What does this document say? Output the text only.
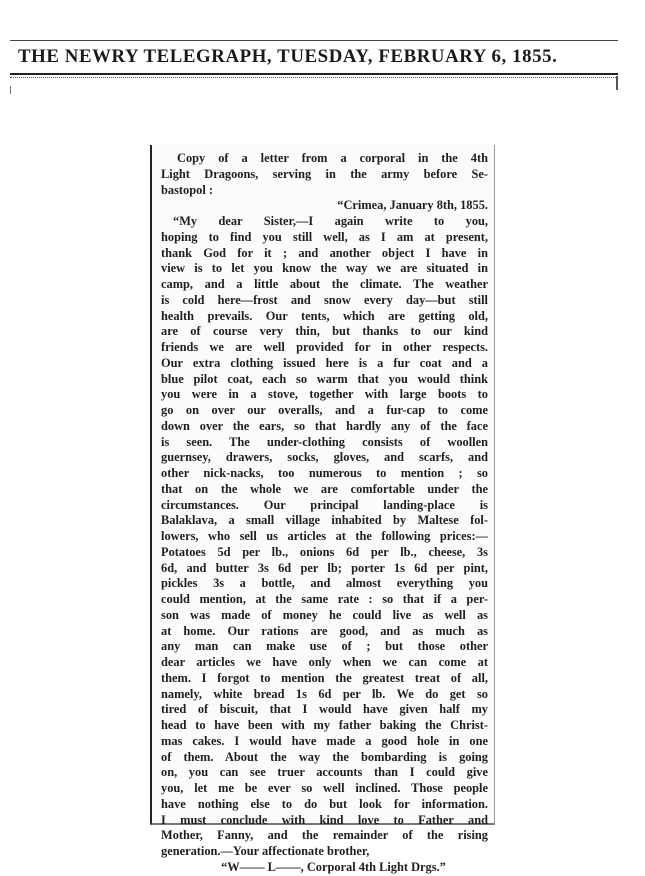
THE NEWRY TELEGRAPH, TUESDAY, FEBRUARY 6, 1855.
Copy of a letter from a corporal in the 4th
Light Dragoons, serving in the army before Se-
bastopol :
“Crimea, January 8th, 1855.
“My dear Sister,—I again write to you,
hoping to find you still well, as I am at present,
thank God for it ; and another object I have in
view is to let you know the way we are situated in
camp, and a little about the climate. The weather
is cold here—frost and snow every day—but still
health prevails. Our tents, which are getting old,
are of course very thin, but thanks to our kind
friends we are well provided for in other respects.
Our extra clothing issued here is a fur coat and a
blue pilot coat, each so warm that you would think
you were in a stove, together with large boots to
go on over our overalls, and a fur-cap to come
down over the ears, so that hardly any of the face
is seen. The under-clothing consists of woollen
guernsey, drawers, socks, gloves, and scarfs, and
other nick-nacks, too numerous to mention ; so
that on the whole we are comfortable under the
circumstances. Our principal landing-place is
Balaklava, a small village inhabited by Maltese fol-
lowers, who sell us articles at the following prices:—
Potatoes 5d per lb., onions 6d per lb., cheese, 3s
6d, and butter 3s 6d per lb; porter 1s 6d per pint,
pickles 3s a bottle, and almost everything you
could mention, at the same rate : so that if a per-
son was made of money he could live as well as
at home. Our rations are good, and as much as
any man can make use of ; but those other
dear articles we have only when we can come at
them. I forgot to mention the greatest treat of all,
namely, white bread 1s 6d per lb. We do get so
tired of biscuit, that I would have given half my
head to have been with my father baking the Christ-
mas cakes. I would have made a good hole in one
of them. About the way the bombarding is going
on, you can see truer accounts than I could give
you, let me be ever so well inclined. Those people
have nothing else to do but look for information.
I must conclude with kind love to Father and
Mother, Fanny, and the remainder of the rising
generation.—Your affectionate brother,
“W—— L——, Corporal 4th Light Drgs.”
